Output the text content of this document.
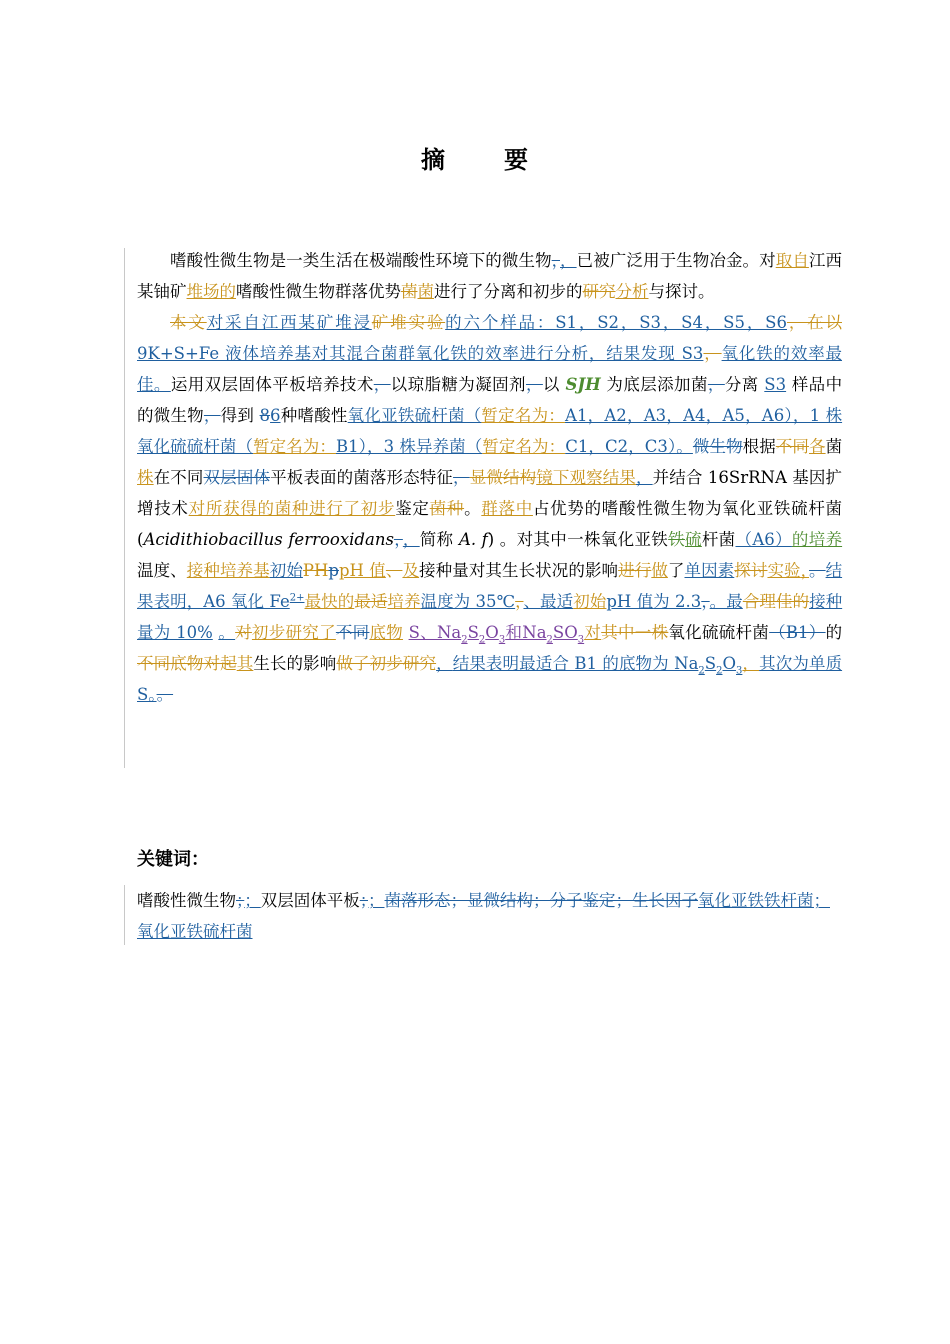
摘 要

嗜酸性微生物是一类生活在极端酸性环境下的微生物，，已被广泛用于生物冶金。对取自江西某铀矿堆场的嗜酸性微生物群落优势菌菌进行了分离和初步的研究分析与探讨。

本文对采自江西某矿堆浸矿堆实验的六个样品：S1，S2，S3，S4，S5，S6，在以9K+S+Fe 液体培养基对其混合菌群氧化铁的效率进行分析，结果发现 S3，氧化铁的效率最佳。运用双层固体平板培养技术，以琼脂糖为凝固剂，以 SJH 为底层添加菌，分离 S3 样品中的微生物，得到 86种嗜酸性氧化亚铁硫杆菌（暂定名为：A1，A2，A3，A4，A5，A6），1 株氧化硫硫杆菌（暂定名为：B1），3 株异养菌（暂定名为：C1，C2，C3）。微生物根据不同各菌株在不同双层固体平板表面的菌落形态特征，显微结构镜下观察结果，并结合 16SrRNA 基因扩增技术对所获得的菌种进行了初步鉴定菌种。群落中占优势的嗜酸性微生物为氧化亚铁硫杆菌 (Acidithiobacillus ferrooxidans，，简称 A. f) 。对其中一株氧化亚铁铁硫杆菌（A6）的培养温度、接种培养基初始PHppH 值、及接种量对其生长状况的影响进行做了单因素探讨实验，。结果表明，A6 氧化 $Fe^{2+}$最快的最适培养温度为 35℃，、最适初始pH 值为 2.3，。最合理佳的接种量为 10% 。对初步研究了不同底物 S、$Na_2S_2O_3$和$Na_2SO_3$对其中一株氧化硫硫杆菌（B1）的不同底物对起其生长的影响做了初步研究，结果表明最适合 B1 的底物为 $Na_2S_2O_3$，其次为单质 S。。

关键词：
嗜酸性微生物；；双层固体平板；；菌落形态；显微结构；分子鉴定；生长因子氧化亚铁铁杆菌；氧化亚铁硫杆菌
